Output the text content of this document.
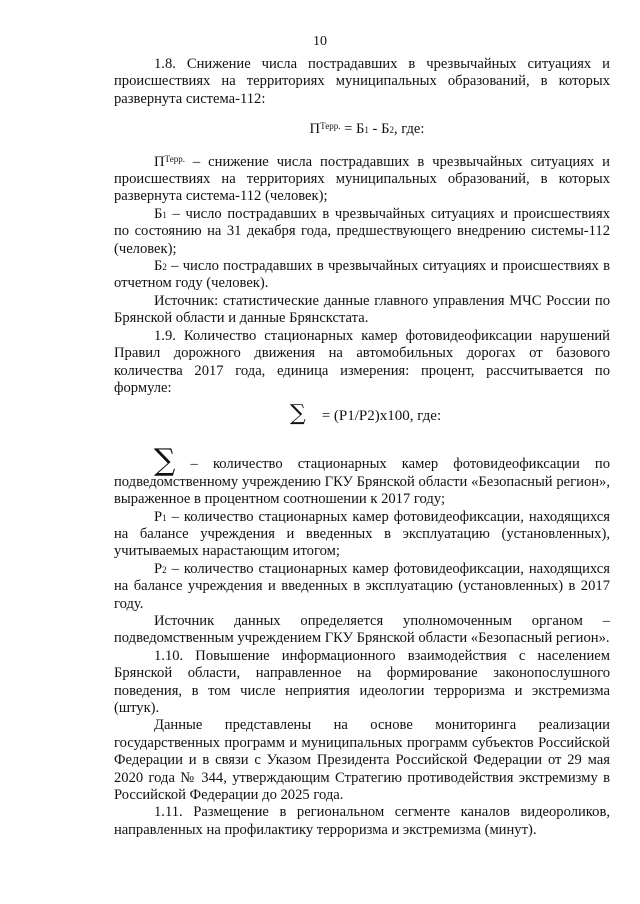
10

1.8. Снижение числа пострадавших в чрезвычайных ситуациях и происшествиях на территориях муниципальных образований, в которых развернута система-112:

$П^{Терр.} = Б_1 - Б_2$, где:

$П^{Терр.}$ – снижение числа пострадавших в чрезвычайных ситуациях и происшествиях на территориях муниципальных образований, в которых развернута система-112 (человек);

$Б_1$ – число пострадавших в чрезвычайных ситуациях и происшествиях по состоянию на 31 декабря года, предшествующего внедрению системы-112 (человек);

$Б_2$ – число пострадавших в чрезвычайных ситуациях и происшествиях в отчетном году (человек).

Источник: статистические данные главного управления МЧС России по Брянской области и данные Брянскстата.

1.9. Количество стационарных камер фотовидеофиксации нарушений Правил дорожного движения на автомобильных дорогах от базового количества 2017 года, единица измерения: процент, рассчитывается по формуле:

∑ = (P1/P2)x100, где:

∑ – количество стационарных камер фотовидеофиксации по подведомственному учреждению ГКУ Брянской области «Безопасный регион», выраженное в процентном соотношении к 2017 году;

$P_1$ – количество стационарных камер фотовидеофиксации, находящихся на балансе учреждения и введенных в эксплуатацию (установленных), учитываемых нарастающим итогом;

$P_2$ – количество стационарных камер фотовидеофиксации, находящихся на балансе учреждения и введенных в эксплуатацию (установленных) в 2017 году.

Источник данных определяется уполномоченным органом – подведомственным учреждением ГКУ Брянской области «Безопасный регион».

1.10. Повышение информационного взаимодействия с населением Брянской области, направленное на формирование законопослушного поведения, в том числе неприятия идеологии терроризма и экстремизма (штук).

Данные представлены на основе мониторинга реализации государственных программ и муниципальных программ субъектов Российской Федерации и в связи с Указом Президента Российской Федерации от 29 мая 2020 года № 344, утверждающим Стратегию противодействия экстремизму в Российской Федерации до 2025 года.

1.11. Размещение в региональном сегменте каналов видеороликов, направленных на профилактику терроризма и экстремизма (минут).
